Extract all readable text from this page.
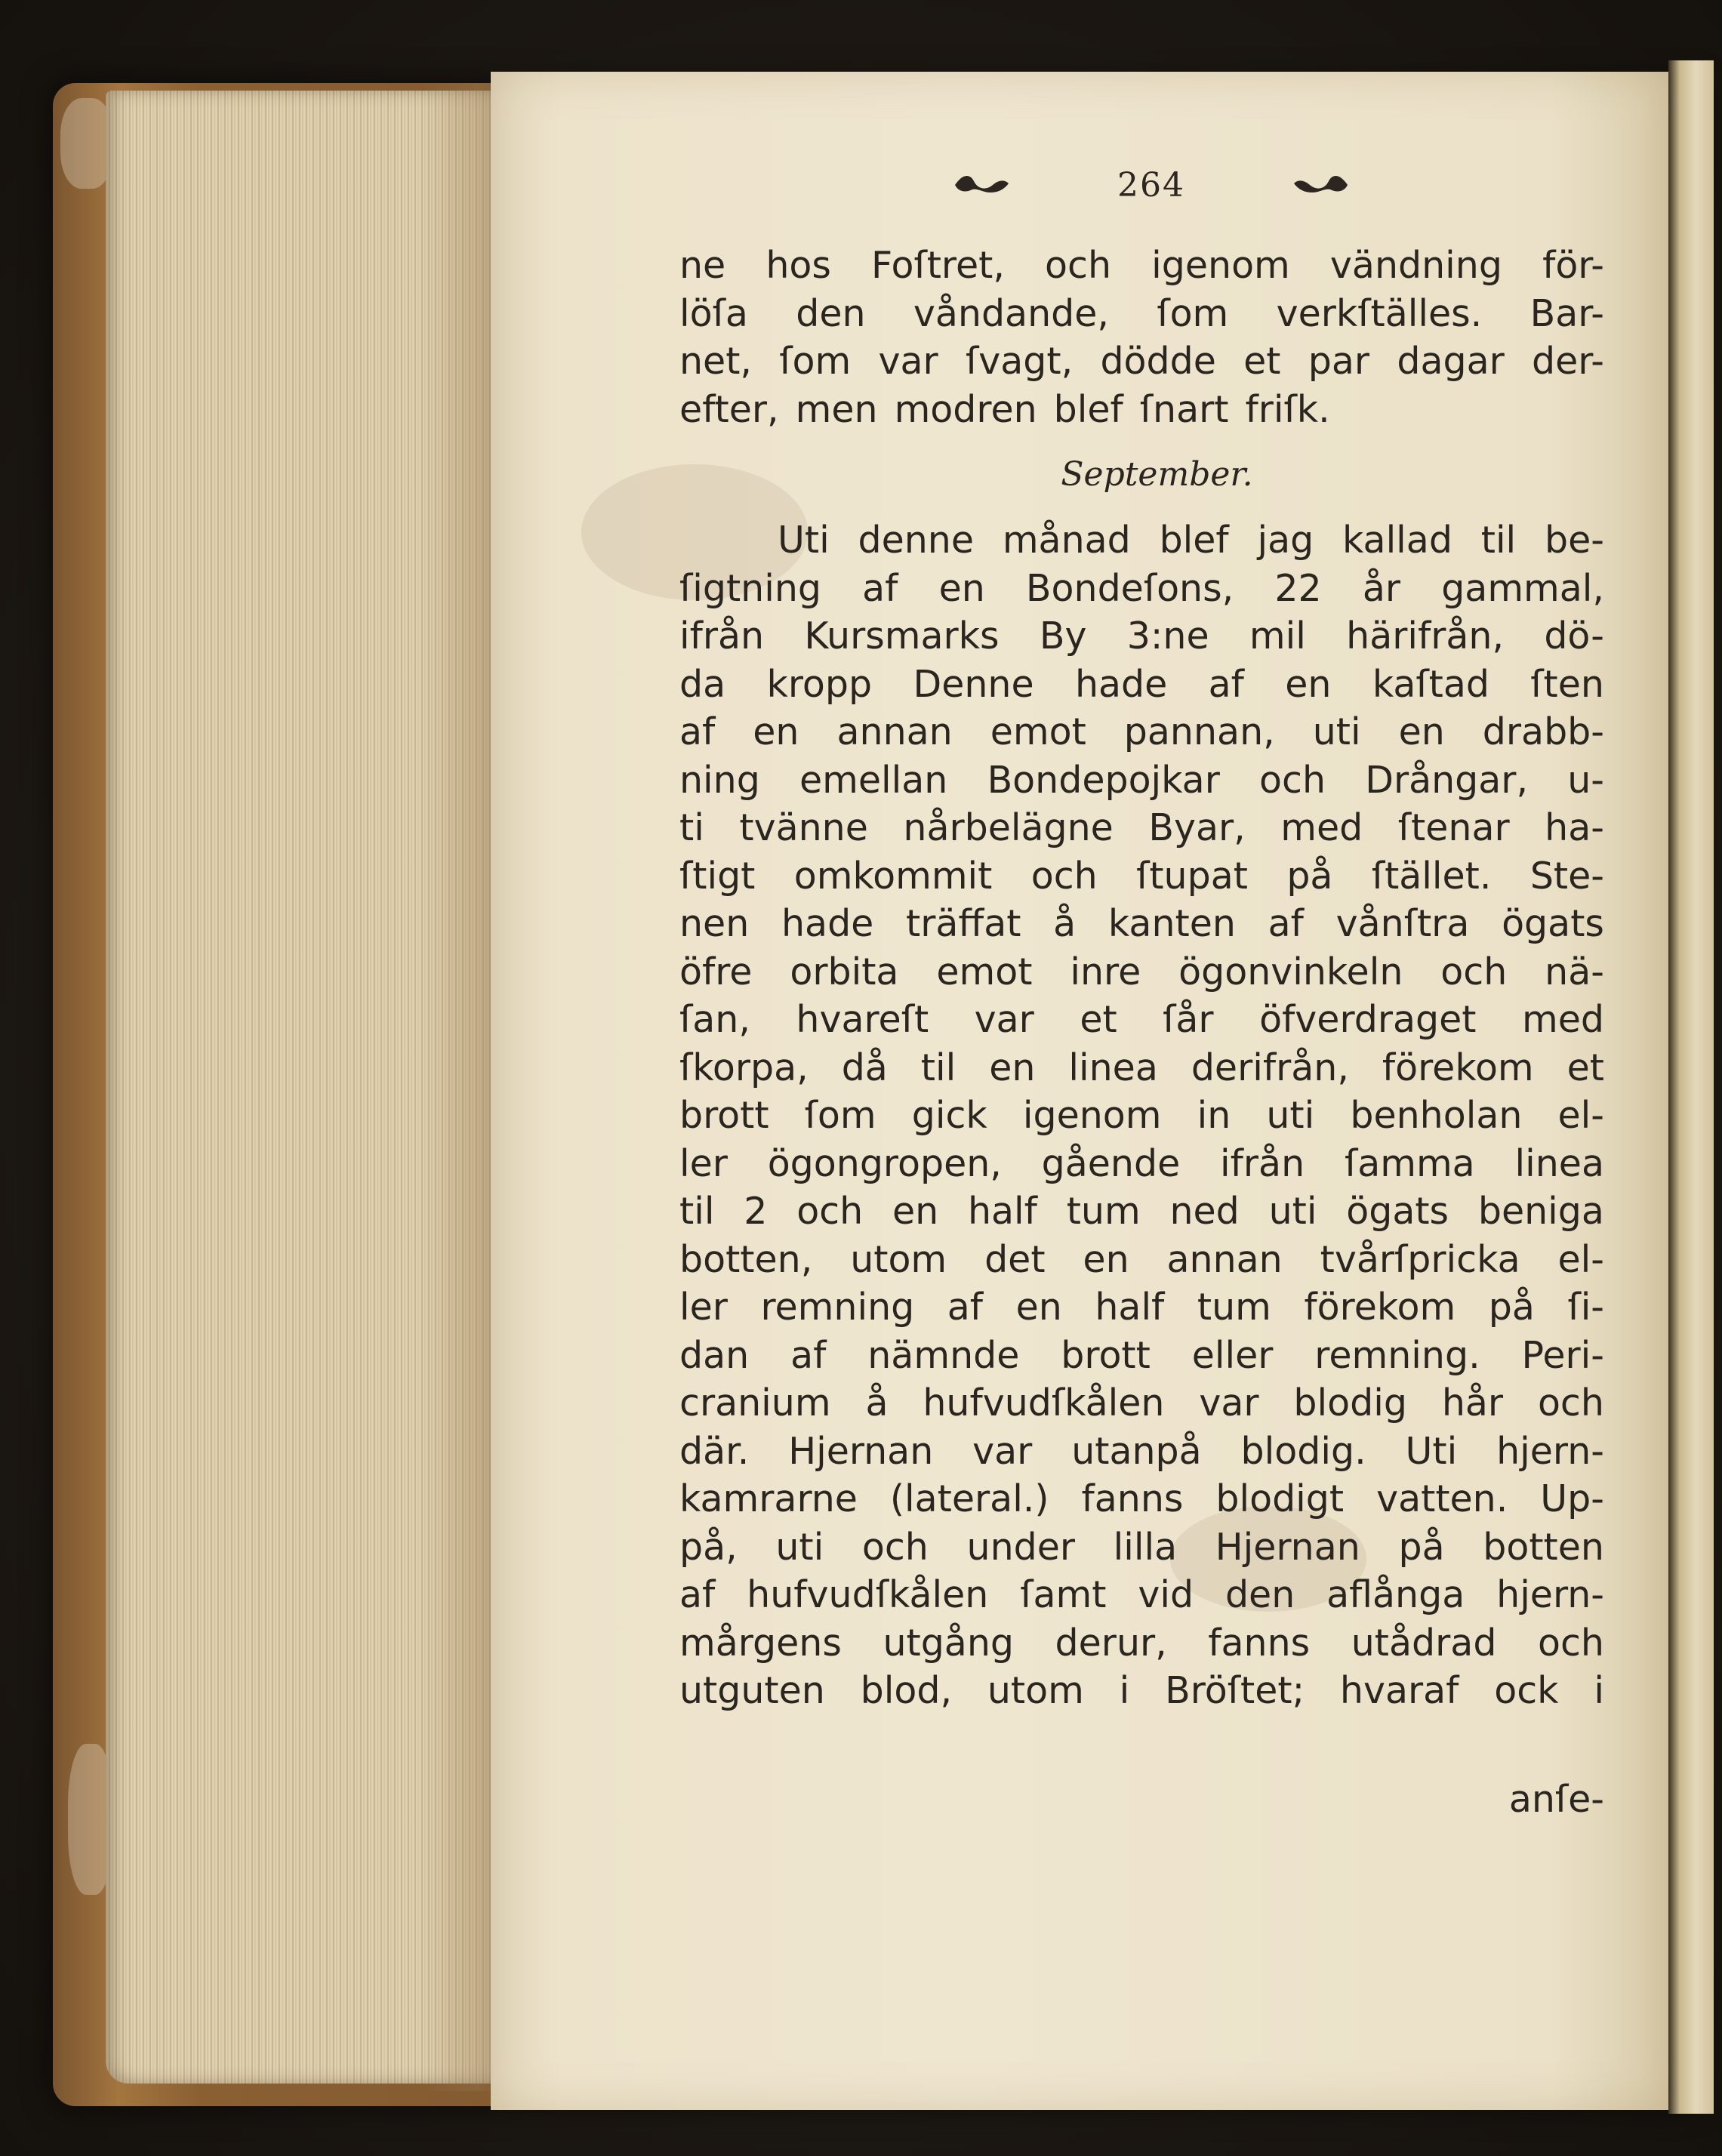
264
ne hos Foſtret, och igenom vändning för-
löſa den våndande, ſom verkſtälles. Bar-
net, ſom var ſvagt, dödde et par dagar der-
efter, men modren blef ſnart friſk.
September.
Uti denne månad blef jag kallad til be-
ſigtning af en Bondeſons, 22 år gammal,
ifrån Kursmarks By 3:ne mil härifrån, dö-
da kropp Denne hade af en kaſtad ſten
af en annan emot pannan, uti en drabb-
ning emellan Bondepojkar och Drångar, u-
ti tvänne nårbelägne Byar, med ſtenar ha-
ſtigt omkommit och ſtupat på ſtället. Ste-
nen hade träffat å kanten af vånſtra ögats
öfre orbita emot inre ögonvinkeln och nä-
ſan, hvareſt var et ſår öfverdraget med
ſkorpa, då til en linea derifrån, förekom et
brott ſom gick igenom in uti benholan el-
ler ögongropen, gående ifrån ſamma linea
til 2 och en half tum ned uti ögats beniga
botten, utom det en annan tvårſpricka el-
ler remning af en half tum förekom på ſi-
dan af nämnde brott eller remning. Peri-
cranium å hufvudſkålen var blodig hår och
där. Hjernan var utanpå blodig. Uti hjern-
kamrarne (lateral.) fanns blodigt vatten. Up-
på, uti och under lilla Hjernan på botten
af hufvudſkålen ſamt vid den aflånga hjern-
mårgens utgång derur, fanns utådrad och
utguten blod, utom i Bröſtet; hvaraf ock i
anſe-
